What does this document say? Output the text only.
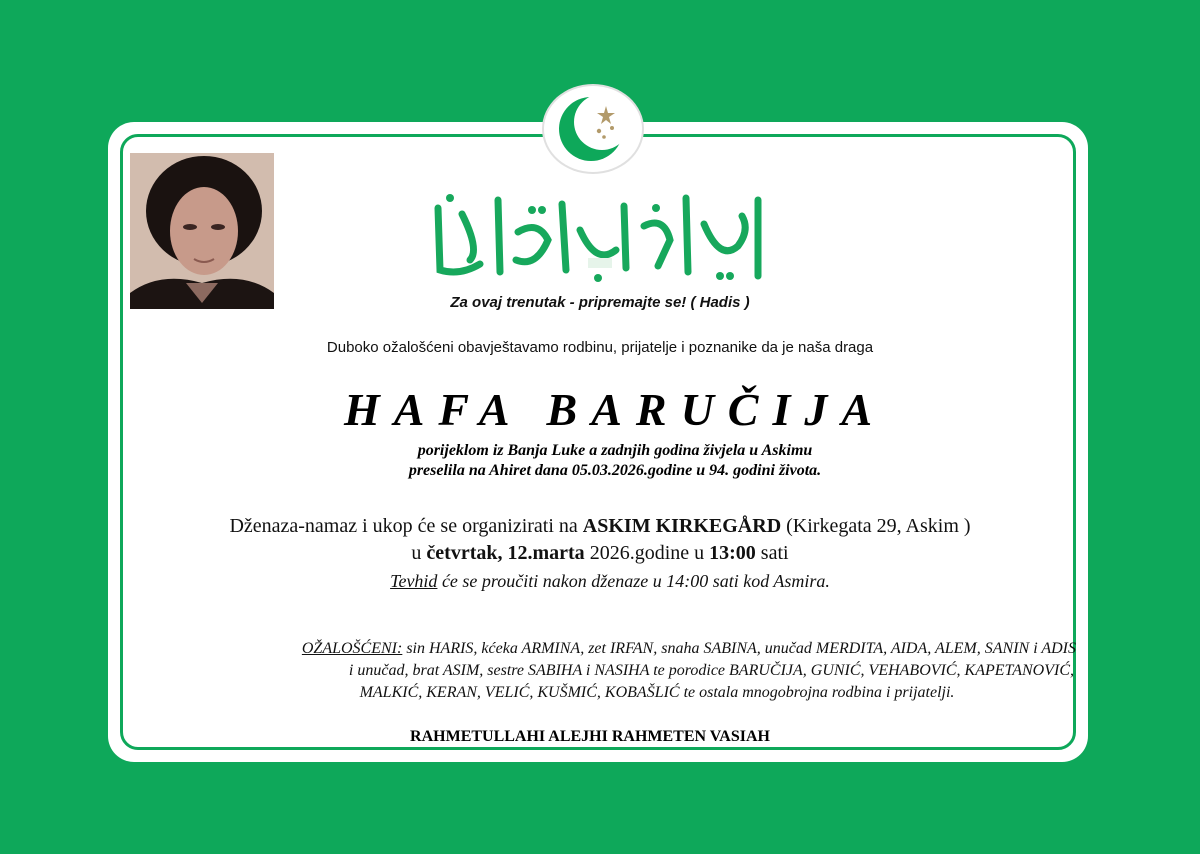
Za ovaj trenutak - pripremajte se! ( Hadis )
Duboko ožalošćeni obavještavamo rodbinu, prijatelje i poznanike da je naša draga
HAFA BARUČIJA
porijeklom iz Banja Luke a zadnjih godina živjela u Askimu
preselila na Ahiret dana 05.03.2026.godine u 94. godini života.
Dženaza-namaz i ukop će se organizirati na ASKIM KIRKEGÅRD (Kirkegata 29, Askim )
u četvrtak, 12.marta 2026.godine u 13:00 sati
Tevhid će se proučiti nakon dženaze u 14:00 sati kod Asmira.
OŽALOŠĆENI: sin HARIS, kćeka ARMINA, zet IRFAN, snaha SABINA, unučad MERDITA, AIDA, ALEM, SANIN i ADIS
i unučad, brat ASIM, sestre SABIHA i NASIHA te porodice BARUČIJA, GUNIĆ, VEHABOVIĆ, KAPETANOVIĆ,
MALKIĆ, KERAN, VELIĆ, KUŠMIĆ, KOBAŠLIĆ te ostala mnogobrojna rodbina i prijatelji.
RAHMETULLAHI ALEJHI RAHMETEN VASIAH
